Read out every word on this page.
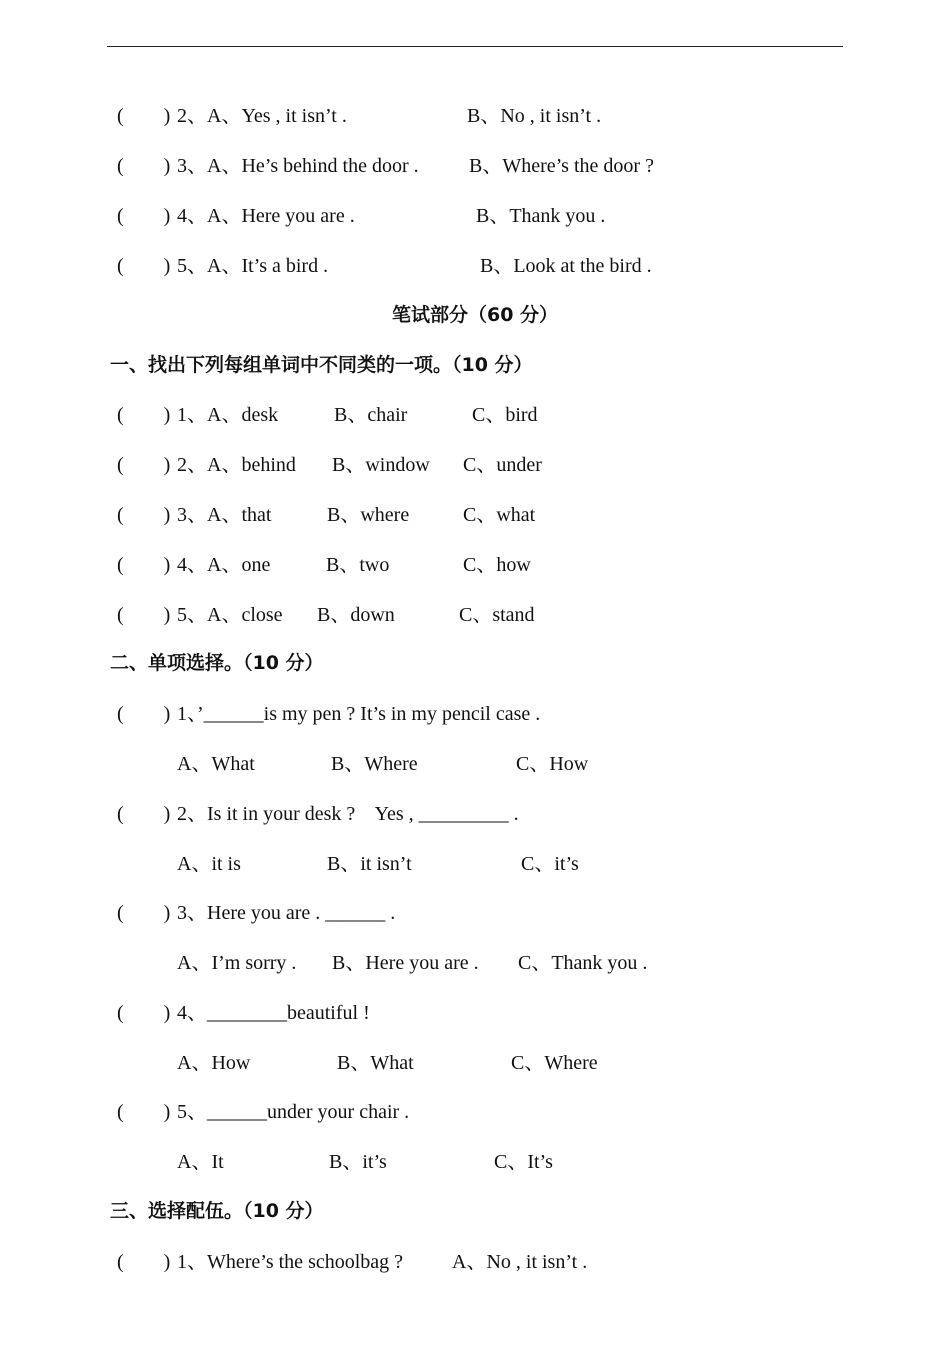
(　　)

2、A、Yes , it isn’t .

	B、No , it isn’t .

(　　)

3、A、He’s behind the door .

	B、Where’s the door ?

(　　)

4、A、Here you are .

	B、Thank you .

(　　)

5、A、It’s a bird .

	B、Look at the bird .

笔试部分（60 分）
一、找出下列每组单词中不同类的一项。（10 分）

(　　)

1、A、desk

	B、chair

	C、bird

(　　)

2、A、behind

B、window

C、under

(　　)

3、A、that

	B、where

	C、what

(　　)

4、A、one

	B、two

	C、how

(　　)

5、A、close

B、down

	C、stand

二、单项选择。（10 分）

(　　)

1、’______is my pen ? It’s in my pencil case .

A、What

	B、Where

	C、How

(　　)

2、Is it in your desk ?    Yes , _________ .

A、it is

	B、it isn’t

	C、it’s

(　　)

3、Here you are . ______ .

A、I’m sorry .

B、Here you are .

C、Thank you .

(　　)

4、________beautiful !

A、How

	B、What

	C、Where

(　　)

5、______under your chair .

A、It

	B、it’s

	C、It’s

三、选择配伍。（10 分）

(　　)

1、Where’s the schoolbag ?

A、No , it isn’t .
